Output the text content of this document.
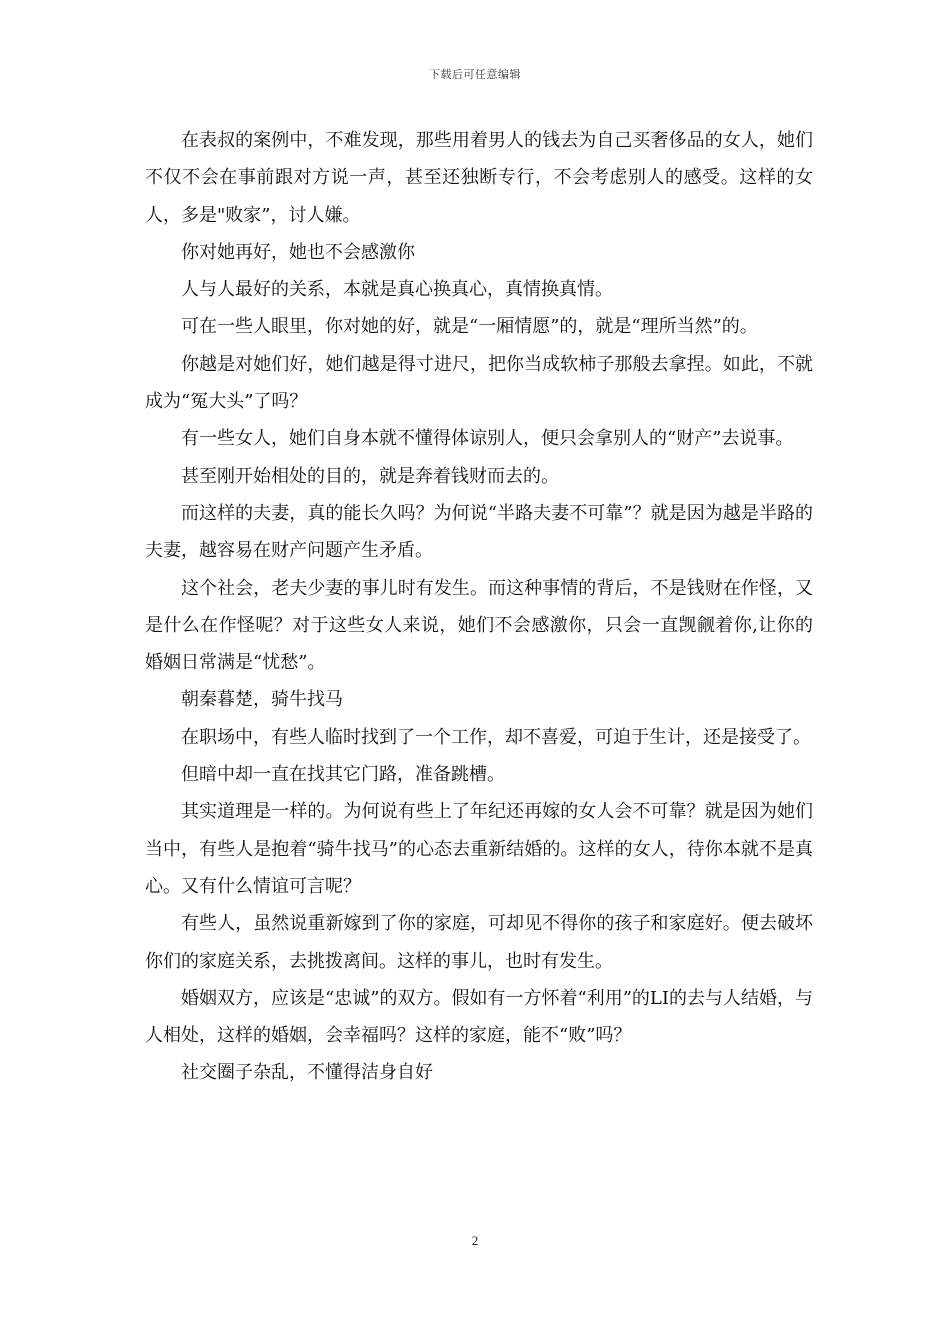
下载后可任意编辑

在表叔的案例中，不难发现，那些用着男人的钱去为自己买奢侈品的女人，她们不仅不会在事前跟对方说一声，甚至还独断专行，不会考虑别人的感受。这样的女人，多是"败家”，讨人嫌。

你对她再好，她也不会感激你

人与人最好的关系，本就是真心换真心，真情换真情。

可在一些人眼里，你对她的好，就是“一厢情愿”的，就是“理所当然”的。

你越是对她们好，她们越是得寸进尺，把你当成软柿子那般去拿捏。如此，不就成为“冤大头”了吗？

有一些女人，她们自身本就不懂得体谅别人，便只会拿别人的“财产”去说事。

甚至刚开始相处的目的，就是奔着钱财而去的。

而这样的夫妻，真的能长久吗？为何说“半路夫妻不可靠”？就是因为越是半路的夫妻，越容易在财产问题产生矛盾。

这个社会，老夫少妻的事儿时有发生。而这种事情的背后，不是钱财在作怪，又是什么在作怪呢？对于这些女人来说，她们不会感激你，只会一直觊觎着你,让你的婚姻日常满是“忧愁”。

朝秦暮楚，骑牛找马

在职场中，有些人临时找到了一个工作，却不喜爱，可迫于生计，还是接受了。

但暗中却一直在找其它门路，准备跳槽。

其实道理是一样的。为何说有些上了年纪还再嫁的女人会不可靠？就是因为她们当中，有些人是抱着“骑牛找马”的心态去重新结婚的。这样的女人，待你本就不是真心。又有什么情谊可言呢？

有些人，虽然说重新嫁到了你的家庭，可却见不得你的孩子和家庭好。便去破坏你们的家庭关系，去挑拨离间。这样的事儿，也时有发生。

婚姻双方，应该是“忠诚”的双方。假如有一方怀着“利用”的LI的去与人结婚，与人相处，这样的婚姻，会幸福吗？这样的家庭，能不“败”吗？

社交圈子杂乱，不懂得洁身自好

2
